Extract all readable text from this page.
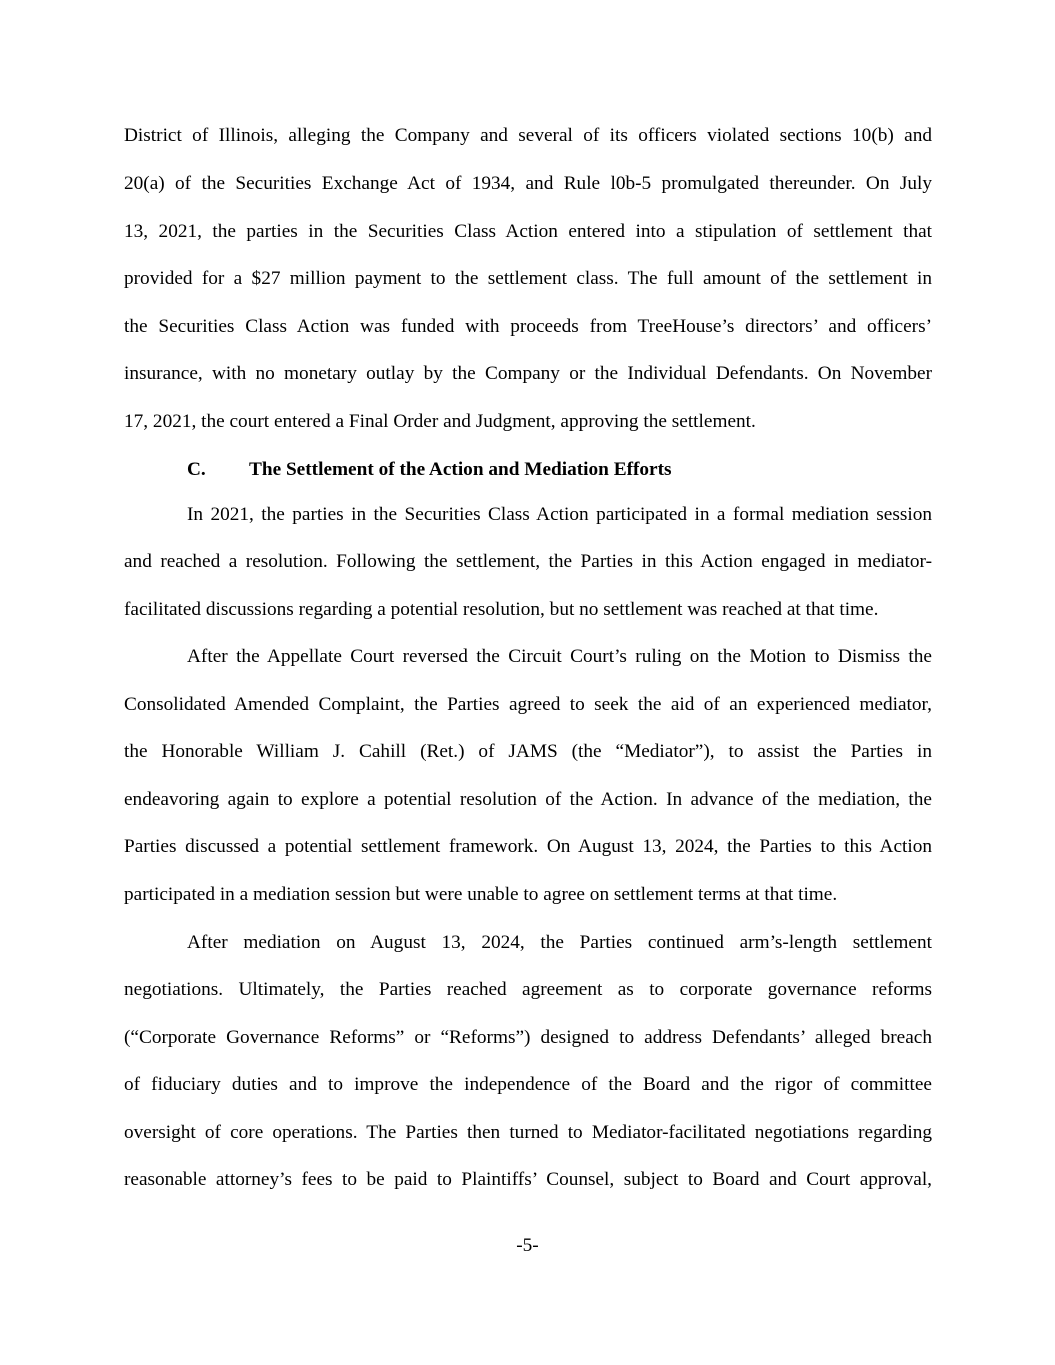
District of Illinois, alleging the Company and several of its officers violated sections 10(b) and
20(a) of the Securities Exchange Act of 1934, and Rule l0b-5 promulgated thereunder. On July
13, 2021, the parties in the Securities Class Action entered into a stipulation of settlement that
provided for a $27 million payment to the settlement class. The full amount of the settlement in
the Securities Class Action was funded with proceeds from TreeHouse’s directors’ and officers’
insurance, with no monetary outlay by the Company or the Individual Defendants. On November
17, 2021, the court entered a Final Order and Judgment, approving the settlement.
C. The Settlement of the Action and Mediation Efforts
In 2021, the parties in the Securities Class Action participated in a formal mediation session
and reached a resolution. Following the settlement, the Parties in this Action engaged in mediator-
facilitated discussions regarding a potential resolution, but no settlement was reached at that time.
After the Appellate Court reversed the Circuit Court’s ruling on the Motion to Dismiss the
Consolidated Amended Complaint, the Parties agreed to seek the aid of an experienced mediator,
the Honorable William J. Cahill (Ret.) of JAMS (the “Mediator”), to assist the Parties in
endeavoring again to explore a potential resolution of the Action. In advance of the mediation, the
Parties discussed a potential settlement framework. On August 13, 2024, the Parties to this Action
participated in a mediation session but were unable to agree on settlement terms at that time.
After mediation on August 13, 2024, the Parties continued arm’s-length settlement
negotiations. Ultimately, the Parties reached agreement as to corporate governance reforms
(“Corporate Governance Reforms” or “Reforms”) designed to address Defendants’ alleged breach
of fiduciary duties and to improve the independence of the Board and the rigor of committee
oversight of core operations. The Parties then turned to Mediator-facilitated negotiations regarding
reasonable attorney’s fees to be paid to Plaintiffs’ Counsel, subject to Board and Court approval,
-5-
